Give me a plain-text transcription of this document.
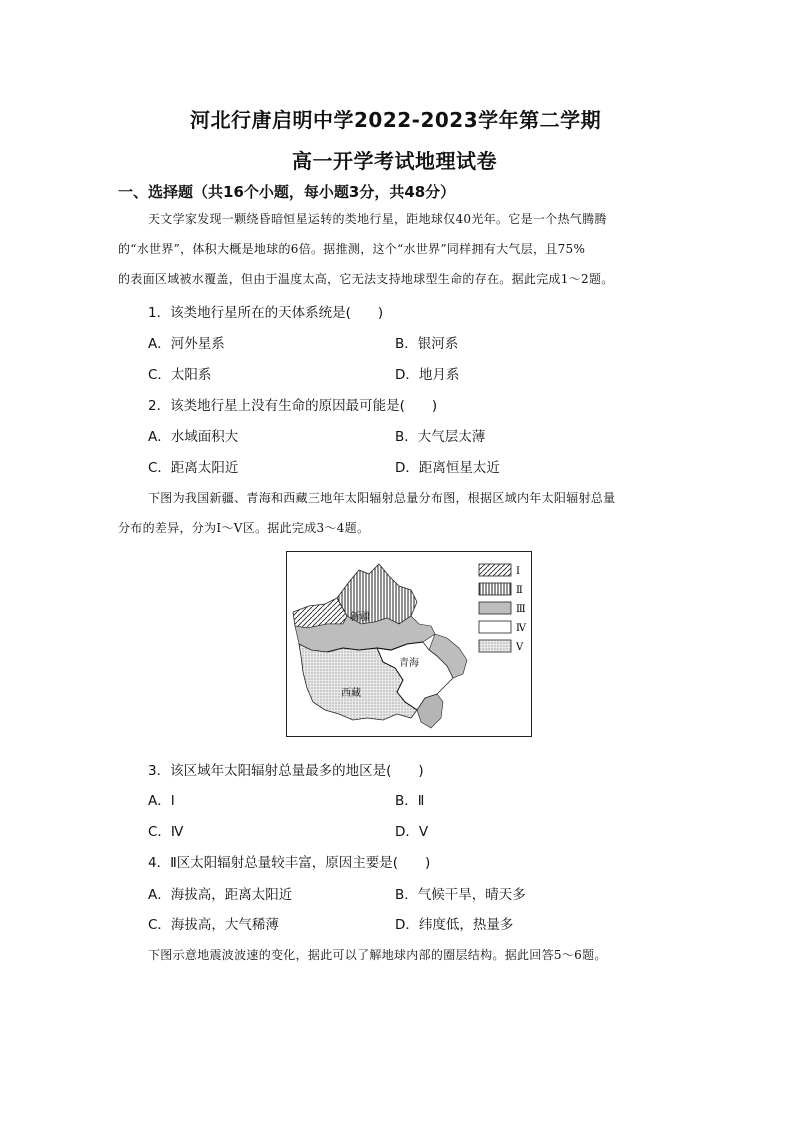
河北行唐启明中学2022-2023学年第二学期
高一开学考试地理试卷
一、选择题（共16个小题，每小题3分，共48分）
天文学家发现一颗绕昏暗恒星运转的类地行星，距地球仅40光年。它是一个热气腾腾
的“水世界”，体积大概是地球的6倍。据推测，这个“水世界”同样拥有大气层，且75%
的表面区域被水覆盖，但由于温度太高，它无法支持地球型生命的存在。据此完成1～2题。
1．该类地行星所在的天体系统是(　　)
A．河外星系	B．银河系
C．太阳系	D．地月系
2．该类地行星上没有生命的原因最可能是(　　)
A．水域面积大	B．大气层太薄
C．距离太阳近	D．距离恒星太近
下图为我国新疆、青海和西藏三地年太阳辐射总量分布图，根据区域内年太阳辐射总量
分布的差异，分为Ⅰ～Ⅴ区。据此完成3～4题。
新疆
青海
西藏
Ⅰ
Ⅱ
Ⅲ
Ⅳ
Ⅴ
3．该区域年太阳辐射总量最多的地区是(　　)
A．Ⅰ	B．Ⅱ
C．Ⅳ	D．Ⅴ
4．Ⅱ区太阳辐射总量较丰富，原因主要是(　　)
A．海拔高，距离太阳近	B．气候干旱，晴天多
C．海拔高，大气稀薄	D．纬度低，热量多
下图示意地震波波速的变化，据此可以了解地球内部的圈层结构。据此回答5～6题。
